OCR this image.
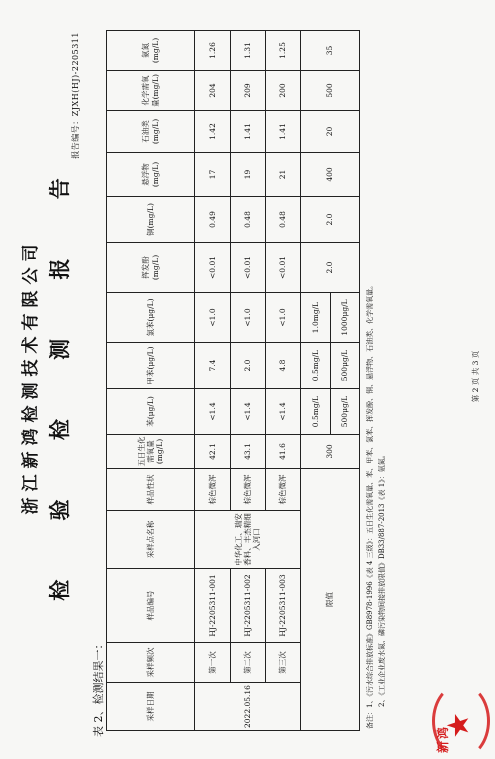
浙江新鸿检测技术有限公司 检 验 检 测 报 告
报告编号：ZJXH(HJ)-2205311
表 2、检测结果一：	采样日期	采样频次	样品编号	采样点名称	样品性状	五日生化需氧量(mg/L)	苯(μg/L)	甲苯(μg/L)	氯苯(μg/L)	挥发酚(mg/L)	铜(mg/L)	悬浮物(mg/L)	石油类(mg/L)	化学需氧量(mg/L)	氨氮(mg/L)
2022.05.16	第一次	HJ-2205311-001	中华化工、瑞安香料、丰杰精细入河口	棕色微浑	42.1	<1.4	7.4	<1.0	<0.01	0.49	17	1.42	204	1.26
	第二次	HJ-2205311-002		棕色微浑	43.1	<1.4	2.0	<1.0	<0.01	0.48	19	1.41	209	1.31
	第三次	HJ-2205311-003		棕色微浑	41.6	<1.4	4.8	<1.0	<0.01	0.48	21	1.41	200	1.25
限值					300	0.5mg/L 500μg/L	0.5mg/L 500μg/L	1.0mg/L 1000μg/L	2.0	2.0	400	20	500	35
备注：1、《污水综合排放标准》GB8978-1996《表 4 三级》：五日生化需氧量、苯、甲苯、氯苯、挥发酚、铜、悬浮物、石油类、化学需氧量。 2、《工业企业废水氮、磷污染物间接排放限值》DB33/887-2013《表 1》：氨氮。
第 2 页 共 3 页
★
新鸿
